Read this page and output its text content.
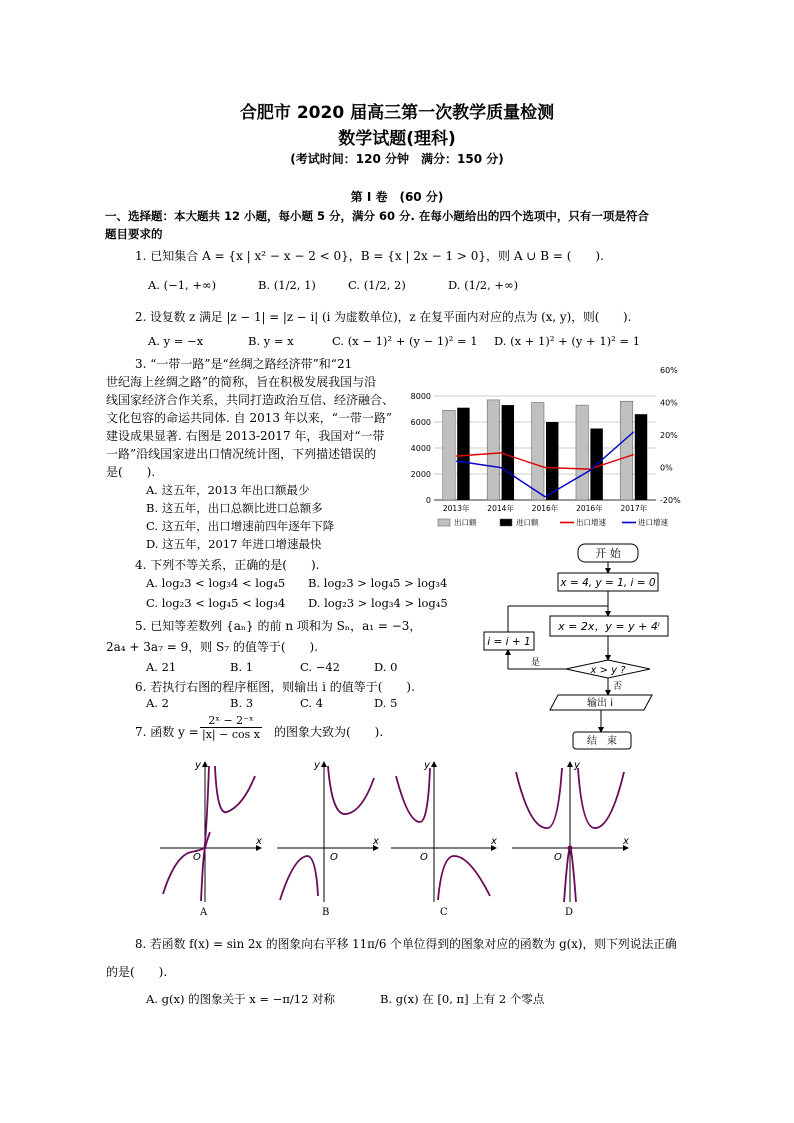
合肥市 2020 届高三第一次教学质量检测
数学试题(理科)
(考试时间：120 分钟　满分：150 分)
第 Ⅰ 卷　(60 分)
一、选择题：本大题共 12 小题，每小题 5 分，满分 60 分. 在每小题给出的四个选项中，只有一项是符合
题目要求的
1. 已知集合 A = {x | x² − x − 2 < 0}，B = {x | 2x − 1 > 0}，则 A ∪ B = (　　).
A. (−1, +∞)	B. (1/2, 1)	C. (1/2, 2)	D. (1/2, +∞)
2. 设复数 z 满足 |z − 1| = |z − i| (i 为虚数单位)，z 在复平面内对应的点为 (x, y)，则(　　).
A. y = −x	B. y = x	C. (x − 1)² + (y − 1)² = 1 D. (x + 1)² + (y + 1)² = 1
3. “一带一路”是“丝绸之路经济带”和“21
世纪海上丝绸之路”的简称，旨在积极发展我国与沿
线国家经济合作关系，共同打造政治互信、经济融合、
文化包容的命运共同体. 自 2013 年以来，“一带一路”
建设成果显著. 右图是 2013-2017 年，我国对“一带
一路”沿线国家进出口情况统计图，下列描述错误的
是(　　).
A. 这五年，2013 年出口额最少
B. 这五年，出口总额比进口总额多
C. 这五年，出口增速前四年逐年下降
D. 这五年，2017 年进口增速最快
0
2000
4000
6000
8000
-20%
0%
20%
40%
60%
2013年 2014年 2016年 2016年 2017年
出口额	进口额	出口增速	进口增速
4. 下列不等关系，正确的是(　　).
A. log₂3 < log₃4 < log₄5 B. log₂3 > log₄5 > log₃4
C. log₂3 < log₄5 < log₃4 D. log₂3 > log₃4 > log₄5
5. 已知等差数列 {aₙ} 的前 n 项和为 Sₙ，a₁ = −3，
2a₄ + 3a₇ = 9，则 S₇ 的值等于(　　).
A. 21	B. 1	C. −42	D. 0
6. 若执行右图的程序框图，则输出 i 的值等于(　　).
A. 2	B. 3	C. 4	D. 5
开 始
x = 4, y = 1, i = 0
x = 2x，y = y + 4ⁱ
x > y ?
是
i = i + 1
否
输出 i
结　束
7. 函数 $y = \frac{\text{2ˣ − 2⁻ˣ}}{\text{|x| − cos x}}$ 的图象大致为(　　).
y
x
O
A
y
x
O
B
y
x
O
C
y
x
O
D
8. 若函数 f(x) = sin 2x 的图象向右平移 11π/6 个单位得到的图象对应的函数为 g(x)，则下列说法正确
的是(　　).
A. g(x) 的图象关于 x = −π/12 对称	B. g(x) 在 [0, π] 上有 2 个零点
